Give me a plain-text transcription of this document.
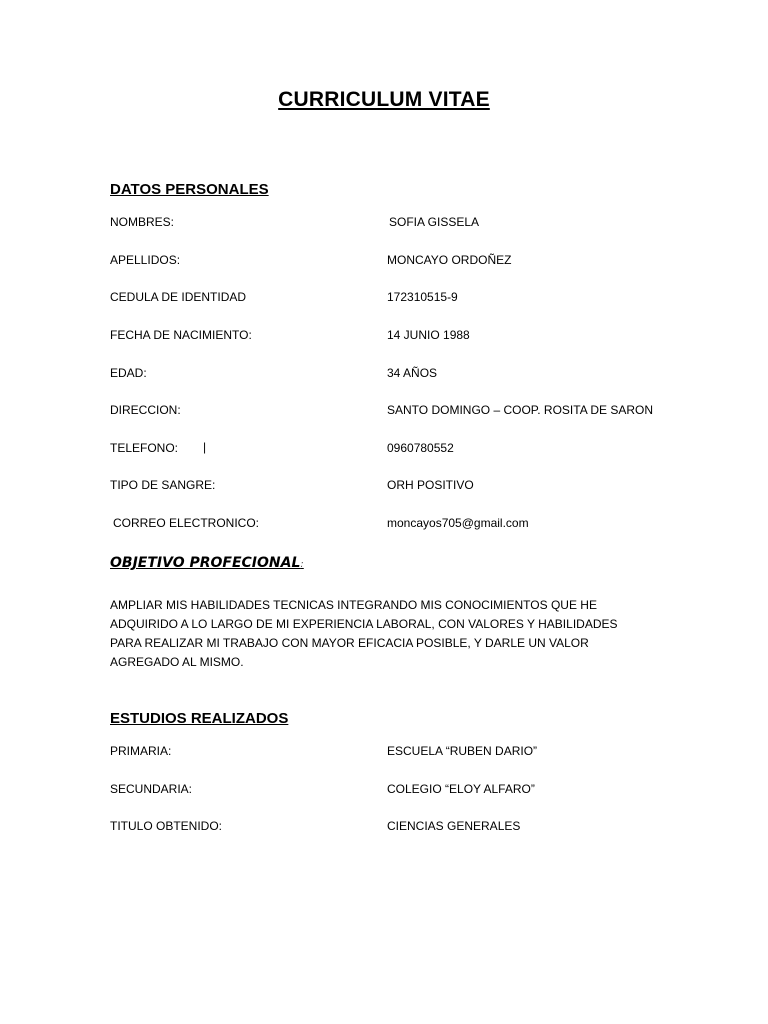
CURRICULUM VITAE
DATOS PERSONALES
NOMBRES:	SOFIA GISSELA
APELLIDOS:	MONCAYO ORDOÑEZ
CEDULA DE IDENTIDAD	172310515-9
FECHA DE NACIMIENTO:	14 JUNIO 1988
EDAD:	34 AÑOS
DIRECCION:	SANTO DOMINGO – COOP. ROSITA DE SARON
TELEFONO: |	0960780552
TIPO DE SANGRE:	ORH POSITIVO
CORREO ELECTRONICO:	moncayos705@gmail.com
OBJETIVO PROFECIONAL:
AMPLIAR MIS HABILIDADES TECNICAS INTEGRANDO MIS CONOCIMIENTOS QUE HE ADQUIRIDO A LO LARGO DE MI EXPERIENCIA LABORAL, CON VALORES Y HABILIDADES PARA REALIZAR MI TRABAJO CON MAYOR EFICACIA POSIBLE, Y DARLE UN VALOR AGREGADO AL MISMO.
ESTUDIOS REALIZADOS
PRIMARIA:	ESCUELA “RUBEN DARIO”
SECUNDARIA:	COLEGIO “ELOY ALFARO”
TITULO OBTENIDO:	CIENCIAS GENERALES
